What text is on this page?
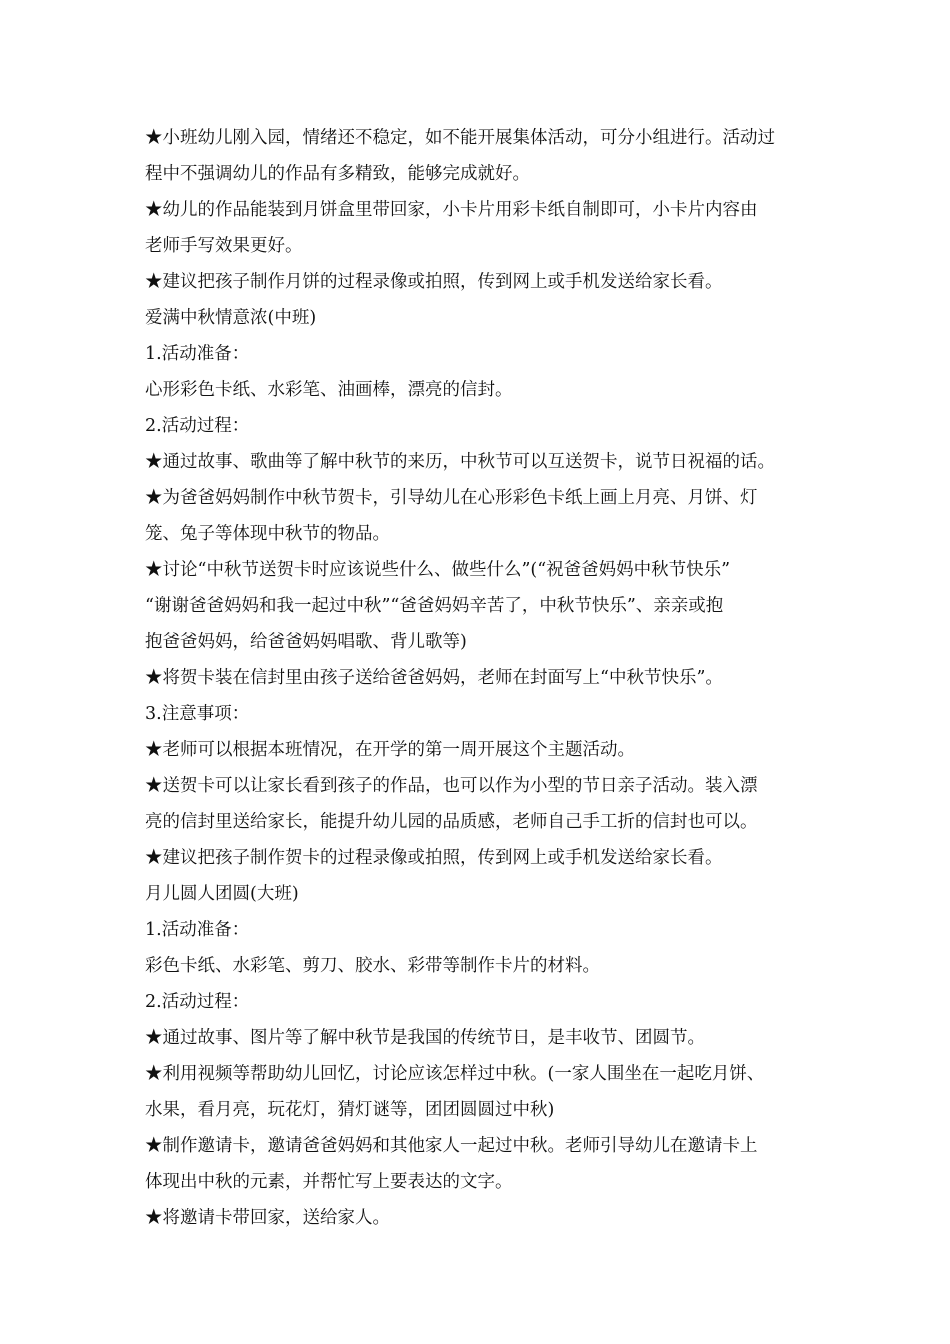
★小班幼儿刚入园，情绪还不稳定，如不能开展集体活动，可分小组进行。活动过
程中不强调幼儿的作品有多精致，能够完成就好。
★幼儿的作品能装到月饼盒里带回家，小卡片用彩卡纸自制即可，小卡片内容由
老师手写效果更好。
★建议把孩子制作月饼的过程录像或拍照，传到网上或手机发送给家长看。
爱满中秋情意浓(中班)
1.活动准备：
心形彩色卡纸、水彩笔、油画棒，漂亮的信封。
2.活动过程：
★通过故事、歌曲等了解中秋节的来历，中秋节可以互送贺卡，说节日祝福的话。
★为爸爸妈妈制作中秋节贺卡，引导幼儿在心形彩色卡纸上画上月亮、月饼、灯
笼、兔子等体现中秋节的物品。
★讨论“中秋节送贺卡时应该说些什么、做些什么”(“祝爸爸妈妈中秋节快乐”
“谢谢爸爸妈妈和我一起过中秋”“爸爸妈妈辛苦了，中秋节快乐”、亲亲或抱
抱爸爸妈妈，给爸爸妈妈唱歌、背儿歌等)
★将贺卡装在信封里由孩子送给爸爸妈妈，老师在封面写上“中秋节快乐”。
3.注意事项：
★老师可以根据本班情况，在开学的第一周开展这个主题活动。
★送贺卡可以让家长看到孩子的作品，也可以作为小型的节日亲子活动。装入漂
亮的信封里送给家长，能提升幼儿园的品质感，老师自己手工折的信封也可以。
★建议把孩子制作贺卡的过程录像或拍照，传到网上或手机发送给家长看。
月儿圆人团圆(大班)
1.活动准备：
彩色卡纸、水彩笔、剪刀、胶水、彩带等制作卡片的材料。
2.活动过程：
★通过故事、图片等了解中秋节是我国的传统节日，是丰收节、团圆节。
★利用视频等帮助幼儿回忆，讨论应该怎样过中秋。(一家人围坐在一起吃月饼、
水果，看月亮，玩花灯，猜灯谜等，团团圆圆过中秋)
★制作邀请卡，邀请爸爸妈妈和其他家人一起过中秋。老师引导幼儿在邀请卡上
体现出中秋的元素，并帮忙写上要表达的文字。
★将邀请卡带回家，送给家人。
